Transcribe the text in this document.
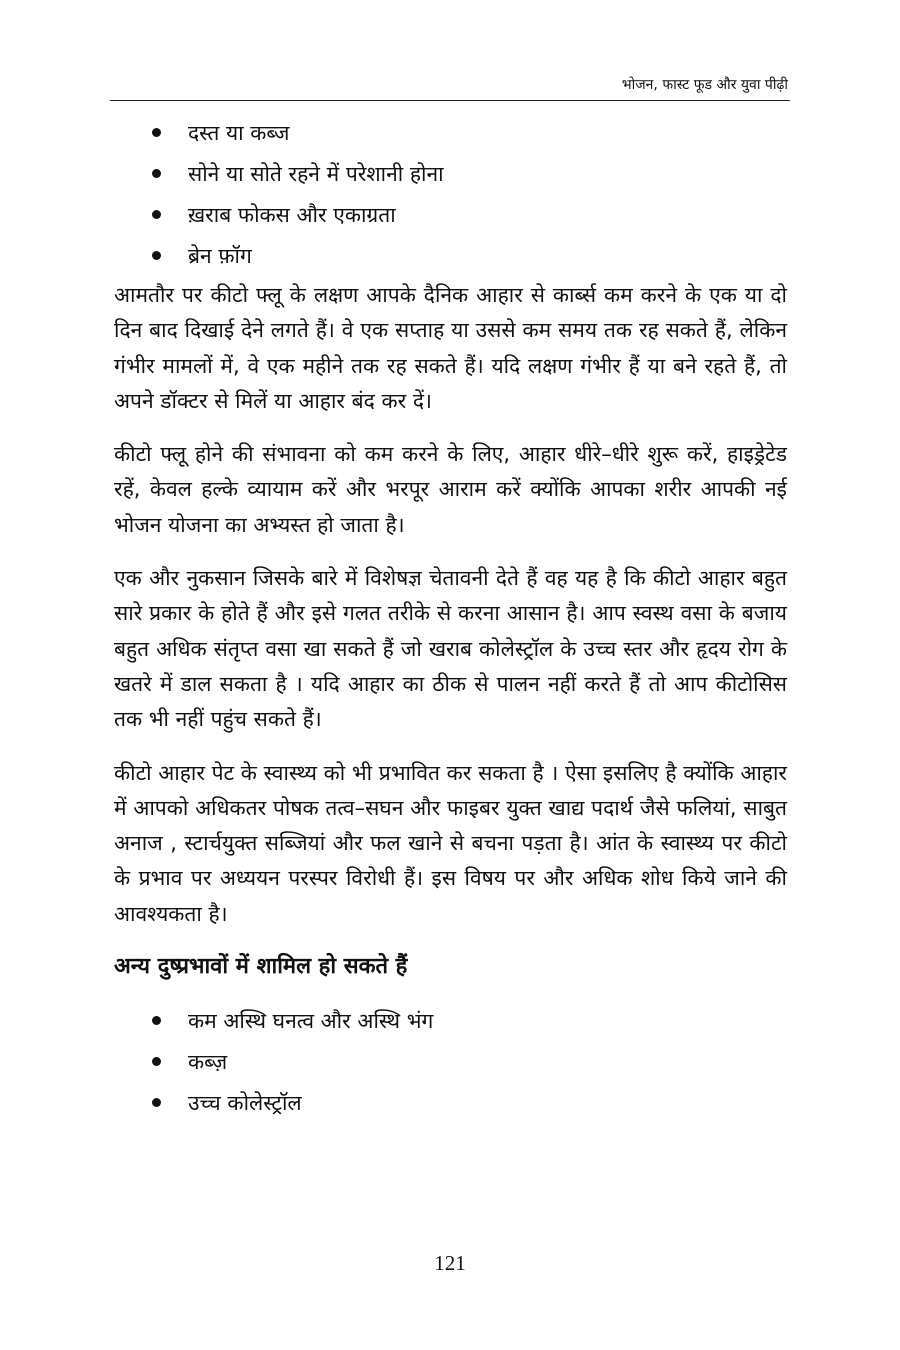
भोजन, फास्ट फूड और युवा पीढ़ी
दस्त या कब्ज
सोने या सोते रहने में परेशानी होना
ख़राब फोकस और एकाग्रता
ब्रेन फ़ॉग

आमतौर पर कीटो फ्लू के लक्षण आपके दैनिक आहार से कार्ब्स कम करने के एक या दो दिन बाद दिखाई देने लगते हैं। वे एक सप्ताह या उससे कम समय तक रह सकते हैं, लेकिन गंभीर मामलों में, वे एक महीने तक रह सकते हैं। यदि लक्षण गंभीर हैं या बने रहते हैं, तो अपने डॉक्टर से मिलें या आहार बंद कर दें।

कीटो फ्लू होने की संभावना को कम करने के लिए, आहार धीरे–धीरे शुरू करें, हाइड्रेटेड रहें, केवल हल्के व्यायाम करें और भरपूर आराम करें क्योंकि आपका शरीर आपकी नई भोजन योजना का अभ्यस्त हो जाता है।

एक और नुकसान जिसके बारे में विशेषज्ञ चेतावनी देते हैं वह यह है कि कीटो आहार बहुत सारे प्रकार के होते हैं और इसे गलत तरीके से करना आसान है। आप स्वस्थ वसा के बजाय बहुत अधिक संतृप्त वसा खा सकते हैं जो खराब कोलेस्ट्रॉल के उच्च स्तर और हृदय रोग के खतरे में डाल सकता है । यदि आहार का ठीक से पालन नहीं करते हैं तो आप कीटोसिस तक भी नहीं पहुंच सकते हैं।

कीटो आहार पेट के स्वास्थ्य को भी प्रभावित कर सकता है । ऐसा इसलिए है क्योंकि आहार में आपको अधिकतर पोषक तत्व–सघन और फाइबर युक्त खाद्य पदार्थ जैसे फलियां, साबुत अनाज , स्टार्चयुक्त सब्जियां और फल खाने से बचना पड़ता है। आंत के स्वास्थ्य पर कीटो के प्रभाव पर अध्ययन परस्पर विरोधी हैं। इस विषय पर और अधिक शोध किये जाने की आवश्यकता है।

अन्य दुष्प्रभावों में शामिल हो सकते हैं
कम अस्थि घनत्व और अस्थि भंग
कब्ज़
उच्च कोलेस्ट्रॉल
121
